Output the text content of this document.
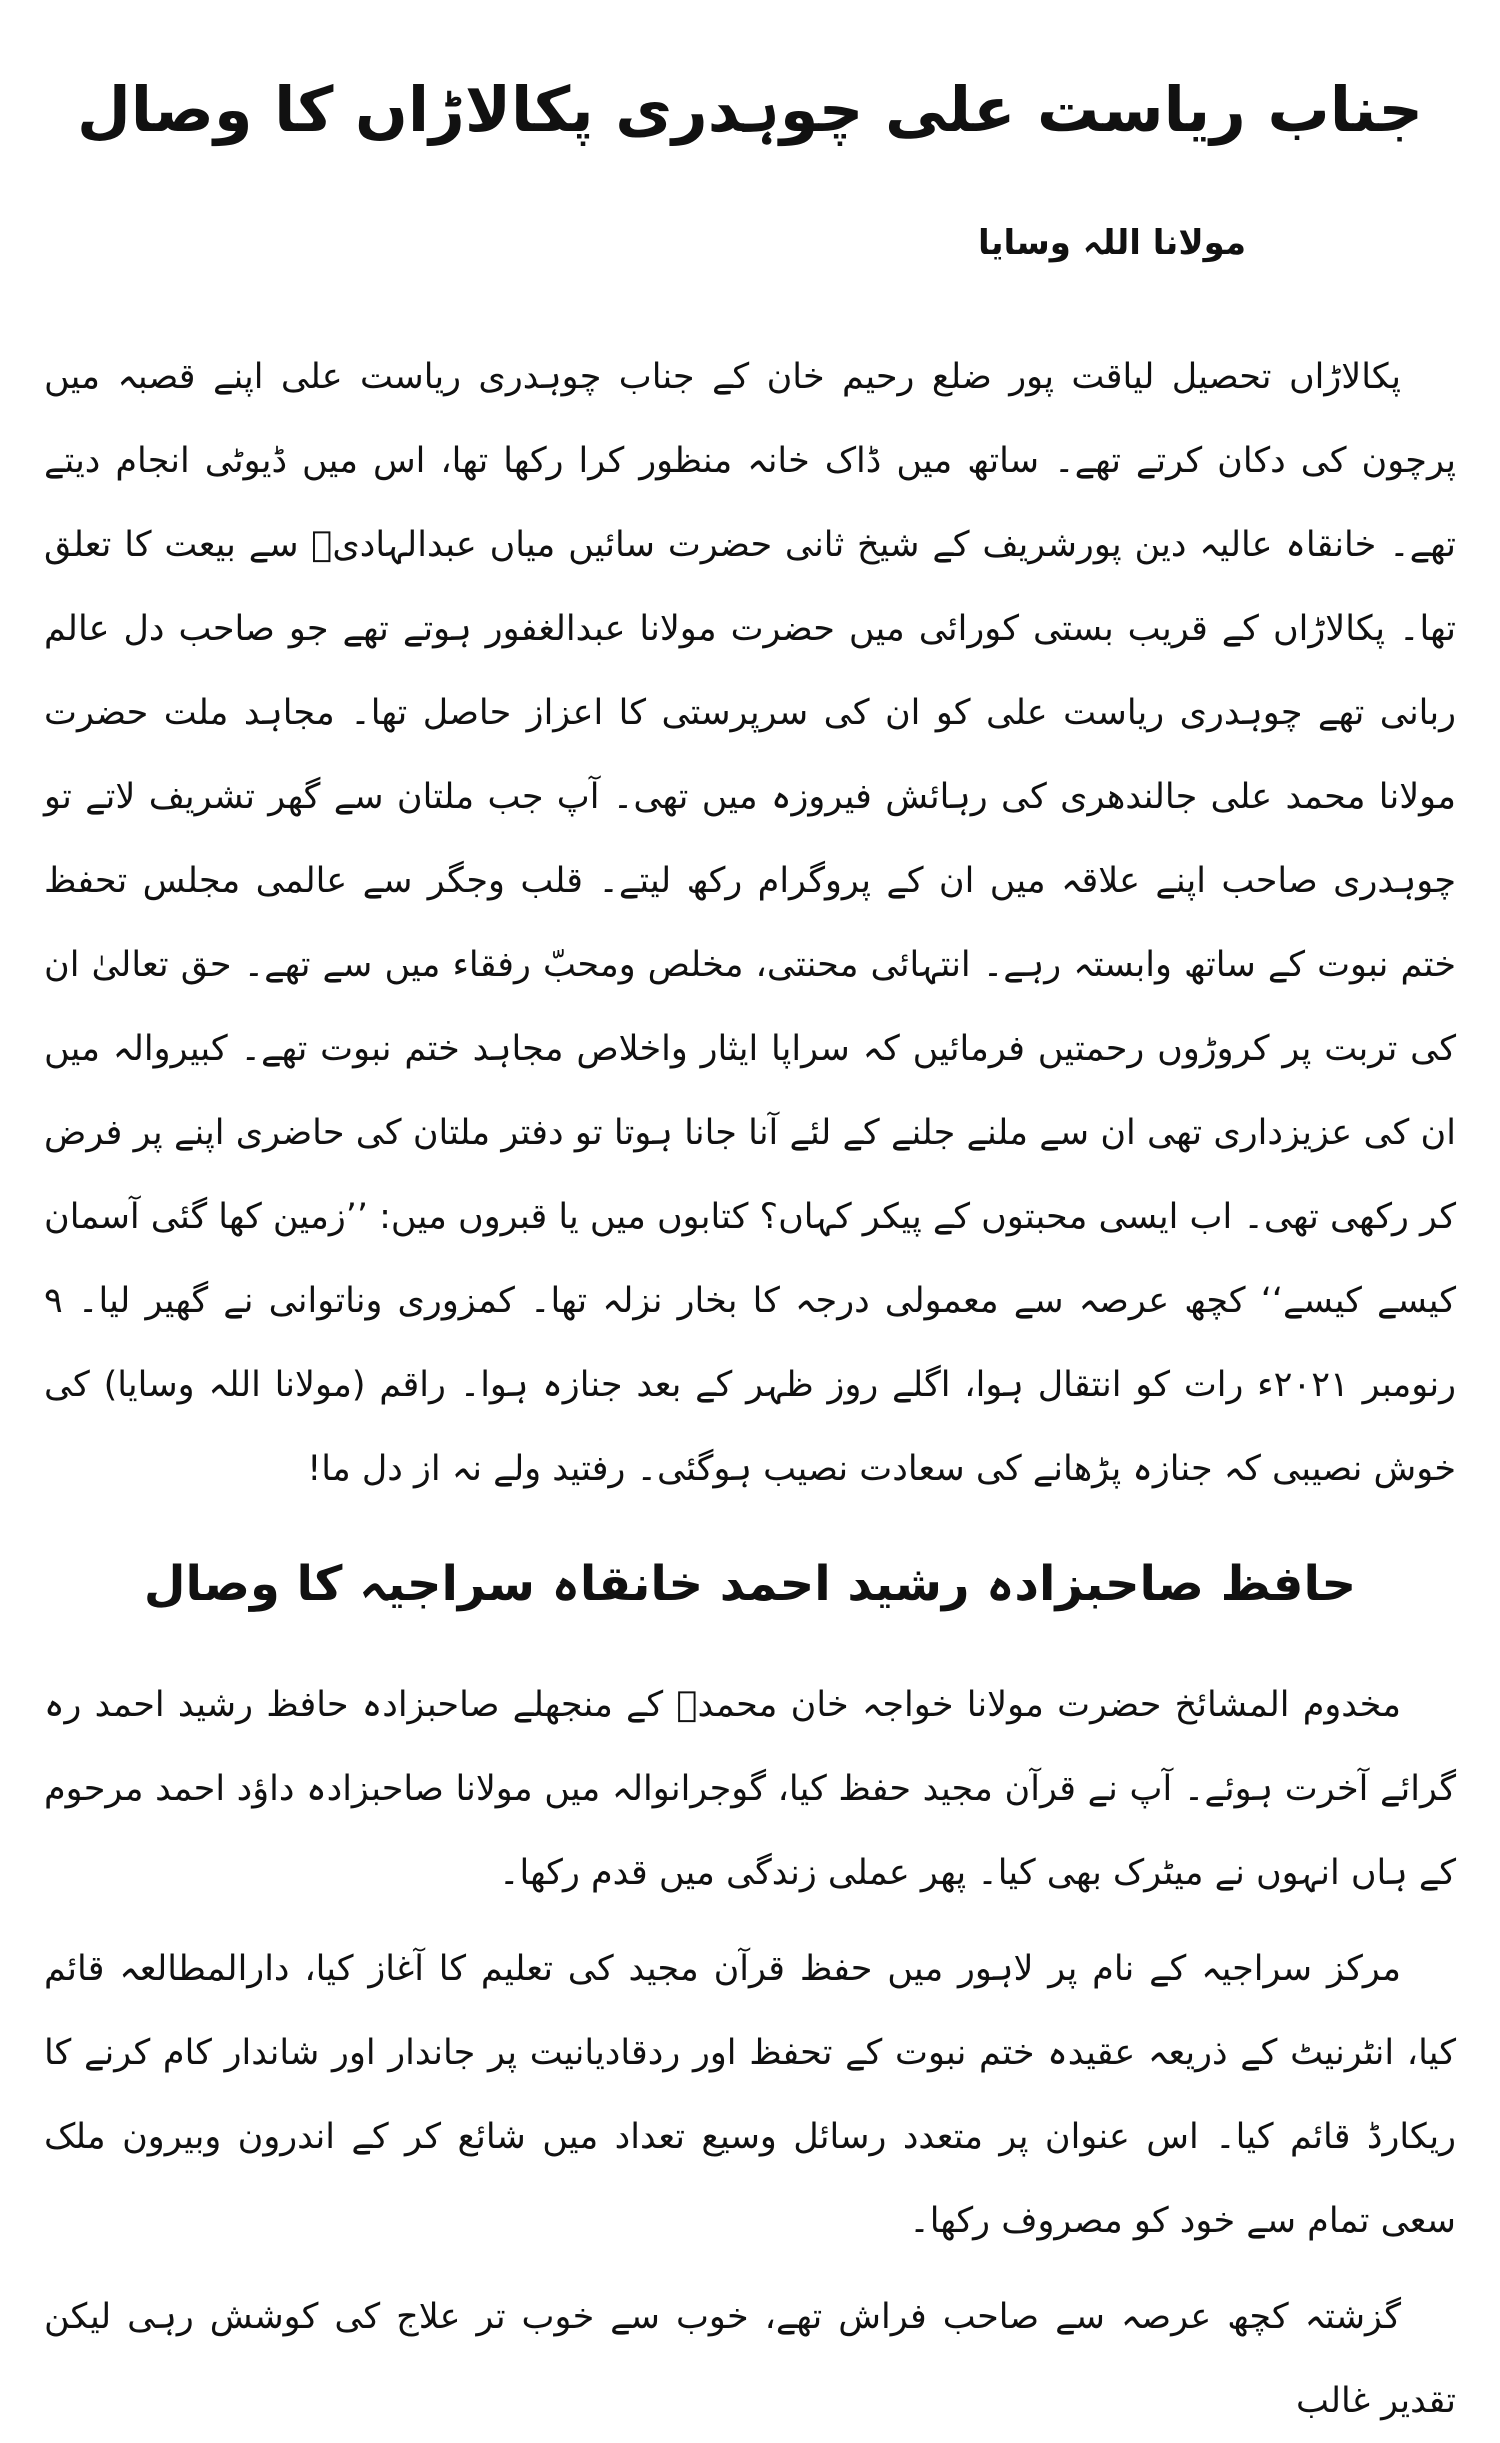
جناب ریاست علی چوہدری پکالاڑاں کا وصال
مولانا اللہ وسایا

پکالاڑاں تحصیل لیاقت پور ضلع رحیم خان کے جناب چوہدری ریاست علی اپنے قصبہ میں پرچون کی دکان کرتے تھے۔ ساتھ میں ڈاک خانہ منظور کرا رکھا تھا، اس میں ڈیوٹی انجام دیتے تھے۔ خانقاہ عالیہ دین پورشریف کے شیخ ثانی حضرت سائیں میاں عبدالہادیؒ سے بیعت کا تعلق تھا۔ پکالاڑاں کے قریب بستی کورائی میں حضرت مولانا عبدالغفور ہوتے تھے جو صاحب دل عالم ربانی تھے چوہدری ریاست علی کو ان کی سرپرستی کا اعزاز حاصل تھا۔ مجاہد ملت حضرت مولانا محمد علی جالندھری کی رہائش فیروزہ میں تھی۔ آپ جب ملتان سے گھر تشریف لاتے تو چوہدری صاحب اپنے علاقہ میں ان کے پروگرام رکھ لیتے۔ قلب وجگر سے عالمی مجلس تحفظ ختم نبوت کے ساتھ وابستہ رہے۔ انتہائی محنتی، مخلص ومحبّ رفقاء میں سے تھے۔ حق تعالیٰ ان کی تربت پر کروڑوں رحمتیں فرمائیں کہ سراپا ایثار واخلاص مجاہد ختم نبوت تھے۔ کبیروالہ میں ان کی عزیزداری تھی ان سے ملنے جلنے کے لئے آنا جانا ہوتا تو دفتر ملتان کی حاضری اپنے پر فرض کر رکھی تھی۔ اب ایسی محبتوں کے پیکر کہاں؟ کتابوں میں یا قبروں میں: ’’زمین کھا گئی آسمان کیسے کیسے‘‘ کچھ عرصہ سے معمولی درجہ کا بخار نزلہ تھا۔ کمزوری وناتوانی نے گھیر لیا۔ ۹ رنومبر ۲۰۲۱ء رات کو انتقال ہوا، اگلے روز ظہر کے بعد جنازہ ہوا۔ راقم (مولانا اللہ وسایا) کی خوش نصیبی کہ جنازہ پڑھانے کی سعادت نصیب ہوگئی۔ رفتید ولے نہ از دل ما!

حافظ صاحبزادہ رشید احمد خانقاہ سراجیہ کا وصال

مخدوم المشائخ حضرت مولانا خواجہ خان محمدؒ کے منجھلے صاحبزادہ حافظ رشید احمد رہ گرائے آخرت ہوئے۔ آپ نے قرآن مجید حفظ کیا، گوجرانوالہ میں مولانا صاحبزادہ داؤد احمد مرحوم کے ہاں انہوں نے میٹرک بھی کیا۔ پھر عملی زندگی میں قدم رکھا۔

مرکز سراجیہ کے نام پر لاہور میں حفظ قرآن مجید کی تعلیم کا آغاز کیا، دارالمطالعہ قائم کیا، انٹرنیٹ کے ذریعہ عقیدہ ختم نبوت کے تحفظ اور ردقادیانیت پر جاندار اور شاندار کام کرنے کا ریکارڈ قائم کیا۔ اس عنوان پر متعدد رسائل وسیع تعداد میں شائع کر کے اندرون وبیرون ملک سعی تمام سے خود کو مصروف رکھا۔

گزشتہ کچھ عرصہ سے صاحب فراش تھے، خوب سے خوب تر علاج کی کوشش رہی لیکن تقدیر غالب
